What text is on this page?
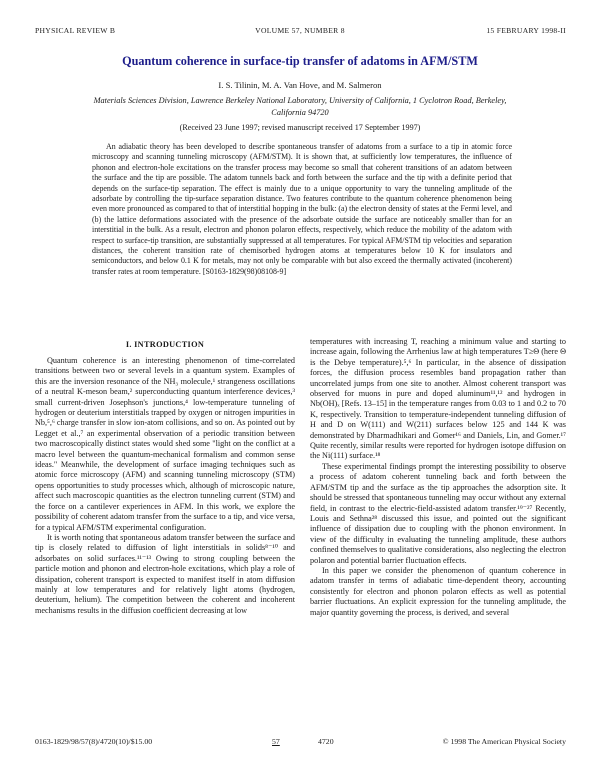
PHYSICAL REVIEW B	VOLUME 57, NUMBER 8	15 FEBRUARY 1998-II
Quantum coherence in surface-tip transfer of adatoms in AFM/STM
I. S. Tilinin, M. A. Van Hove, and M. Salmeron
Materials Sciences Division, Lawrence Berkeley National Laboratory, University of California, 1 Cyclotron Road, Berkeley, California 94720
(Received 23 June 1997; revised manuscript received 17 September 1997)

An adiabatic theory has been developed to describe spontaneous transfer of adatoms from a surface to a tip in atomic force microscopy and scanning tunneling microscopy (AFM/STM). It is shown that, at sufficiently low temperatures, the influence of phonon and electron-hole excitations on the transfer process may become so small that coherent transitions of an adatom between the surface and the tip are possible. The adatom tunnels back and forth between the surface and the tip with a definite period that depends on the surface-tip separation. The effect is mainly due to a unique opportunity to vary the tunneling amplitude of the adsorbate by controlling the tip-surface separation distance. Two features contribute to the quantum coherence phenomenon being even more pronounced as compared to that of interstitial hopping in the bulk: (a) the electron density of states at the Fermi level, and (b) the lattice deformations associated with the presence of the adsorbate outside the surface are noticeably smaller than for an interstitial in the bulk. As a result, electron and phonon polaron effects, respectively, which reduce the mobility of the adatom with respect to surface-tip transition, are substantially suppressed at all temperatures. For typical AFM/STM tip velocities and separation distances, the coherent transition rate of chemisorbed hydrogen atoms at temperatures below 10 K for insulators and semiconductors, and below 0.1 K for metals, may not only be comparable with but also exceed the thermally activated (incoherent) transfer rates at room temperature. [S0163-1829(98)08108-9]

I. INTRODUCTION

Quantum coherence is an interesting phenomenon of time-correlated transitions between two or several levels in a quantum system. Examples of this are the inversion resonance of the NH₃ molecule,¹ strangeness oscillations of a neutral K-meson beam,² superconducting quantum interference devices,³ small current-driven Josephson's junctions,⁴ low-temperature tunneling of hydrogen or deuterium interstitials trapped by oxygen or nitrogen impurities in Nb,⁵,⁶ charge transfer in slow ion-atom collisions, and so on. As pointed out by Legget et al.,⁷ an experimental observation of a periodic transition between two macroscopically distinct states would shed some "light on the conflict at a macro level between the quantum-mechanical formalism and common sense ideas." Meanwhile, the development of surface imaging techniques such as atomic force microscopy (AFM) and scanning tunneling microscopy (STM) opens opportunities to study processes which, although of microscopic nature, affect such macroscopic quantities as the electron tunneling current (STM) and the force on a cantilever experiences in AFM. In this work, we explore the possibility of coherent adatom transfer from the surface to a tip, and vice versa, for a typical AFM/STM experimental configuration.

It is worth noting that spontaneous adatom transfer between the surface and tip is closely related to diffusion of light interstitials in solids⁸⁻¹⁰ and adsorbates on solid surfaces.¹¹⁻¹³ Owing to strong coupling between the particle motion and phonon and electron-hole excitations, which play a role of dissipation, coherent transport is expected to manifest itself in atom diffusion mainly at low temperatures and for relatively light atoms (hydrogen, deuterium, helium). The competition between the coherent and incoherent mechanisms results in the diffusion coefficient decreasing at low

temperatures with increasing T, reaching a minimum value and starting to increase again, following the Arrhenius law at high temperatures T≥Θ (here Θ is the Debye temperature).⁵,⁶ In particular, in the absence of dissipation forces, the diffusion process resembles band propagation rather than uncorrelated jumps from one site to another. Almost coherent transport was observed for muons in pure and doped aluminum¹¹,¹² and hydrogen in Nb(OH)ₓ [Refs. 13–15] in the temperature ranges from 0.03 to 1 and 0.2 to 70 K, respectively. Transition to temperature-independent tunneling diffusion of H and D on W(111) and W(211) surfaces below 125 and 144 K was demonstrated by Dharmadhikari and Gomer¹⁶ and Daniels, Lin, and Gomer.¹⁷ Quite recently, similar results were reported for hydrogen isotope diffusion on the Ni(111) surface.¹⁸

These experimental findings prompt the interesting possibility to observe a process of adatom coherent tunneling back and forth between the AFM/STM tip and the surface as the tip approaches the adsorption site. It should be stressed that spontaneous tunneling may occur without any external field, in contrast to the electric-field-assisted adatom transfer.¹⁹⁻²⁷ Recently, Louis and Sethna²⁸ discussed this issue, and pointed out the significant influence of dissipation due to coupling with the phonon environment. In view of the difficulty in evaluating the tunneling amplitude, these authors confined themselves to qualitative considerations, also neglecting the electron polaron and potential barrier fluctuation effects.

In this paper we consider the phenomenon of quantum coherence in adatom transfer in terms of adiabatic time-dependent theory, accounting consistently for electron and phonon polaron effects as well as potential barrier fluctuations. An explicit expression for the tunneling amplitude, the major quantity governing the process, is derived, and several

0163-1829/98/57(8)/4720(10)/$15.00	57	4720	© 1998 The American Physical Society
